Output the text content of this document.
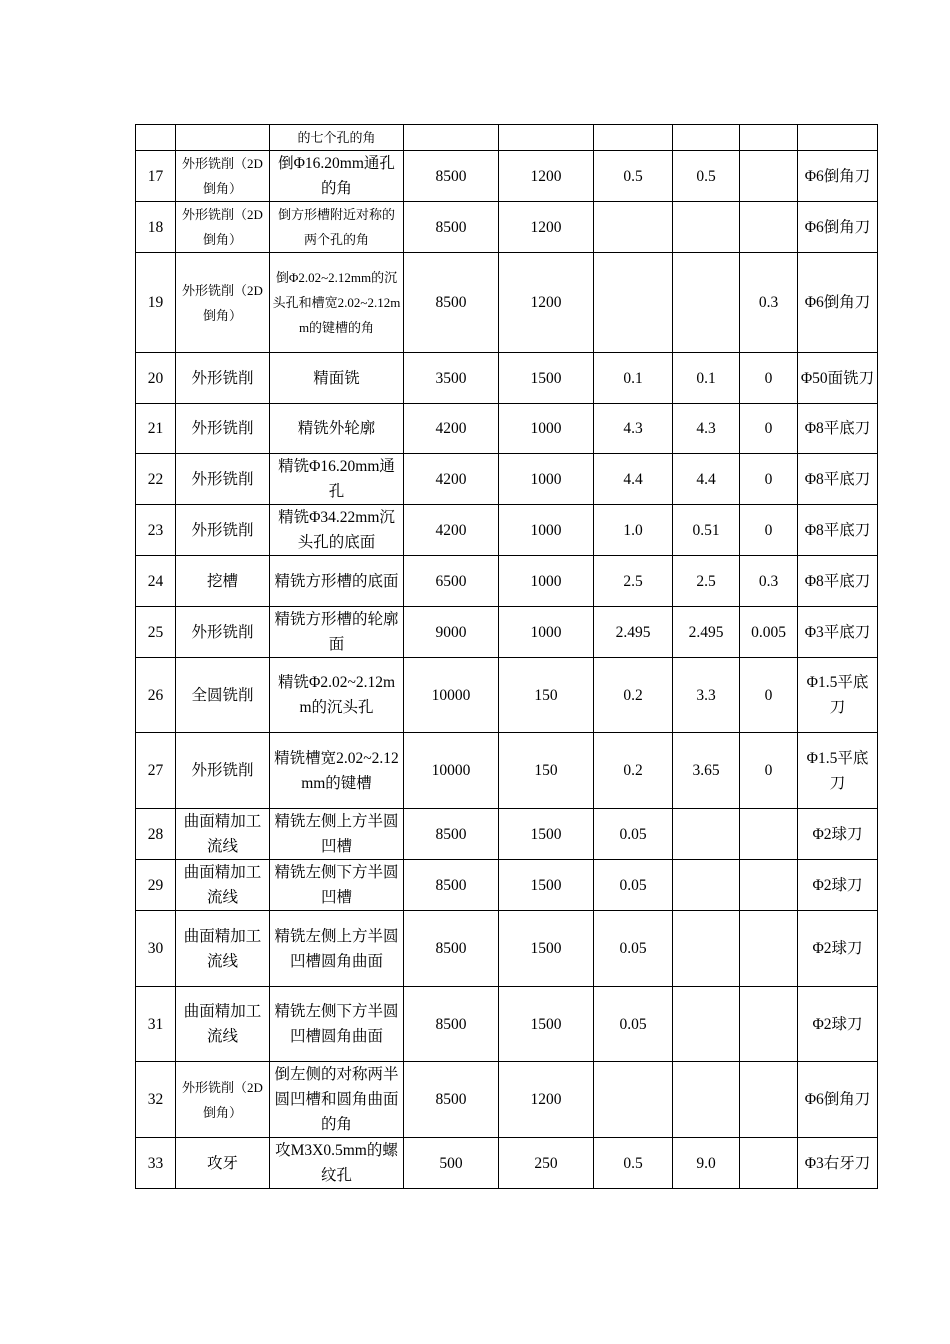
		的七个孔的角						
17	外形铣削（2D倒角）	倒Φ16.20mm通孔的角	8500	1200	0.5	0.5		Φ6倒角刀
18	外形铣削（2D倒角）	倒方形槽附近对称的两个孔的角	8500	1200				Φ6倒角刀
19	外形铣削（2D倒角）	倒Φ2.02~2.12mm的沉头孔和槽宽2.02~2.12mm的键槽的角	8500	1200			0.3	Φ6倒角刀
20	外形铣削	精面铣	3500	1500	0.1	0.1	0	Φ50面铣刀
21	外形铣削	精铣外轮廓	4200	1000	4.3	4.3	0	Φ8平底刀
22	外形铣削	精铣Φ16.20mm通孔	4200	1000	4.4	4.4	0	Φ8平底刀
23	外形铣削	精铣Φ34.22mm沉头孔的底面	4200	1000	1.0	0.51	0	Φ8平底刀
24	挖槽	精铣方形槽的底面	6500	1000	2.5	2.5	0.3	Φ8平底刀
25	外形铣削	精铣方形槽的轮廓面	9000	1000	2.495	2.495	0.005	Φ3平底刀
26	全圆铣削	精铣Φ2.02~2.12mm的沉头孔	10000	150	0.2	3.3	0	Φ1.5平底刀
27	外形铣削	精铣槽宽2.02~2.12mm的键槽	10000	150	0.2	3.65	0	Φ1.5平底刀
28	曲面精加工流线	精铣左侧上方半圆凹槽	8500	1500	0.05			Φ2球刀
29	曲面精加工流线	精铣左侧下方半圆凹槽	8500	1500	0.05			Φ2球刀
30	曲面精加工流线	精铣左侧上方半圆凹槽圆角曲面	8500	1500	0.05			Φ2球刀
31	曲面精加工流线	精铣左侧下方半圆凹槽圆角曲面	8500	1500	0.05			Φ2球刀
32	外形铣削（2D倒角）	倒左侧的对称两半圆凹槽和圆角曲面的角	8500	1200				Φ6倒角刀
33	攻牙	攻M3X0.5mm的螺纹孔	500	250	0.5	9.0		Φ3右牙刀
